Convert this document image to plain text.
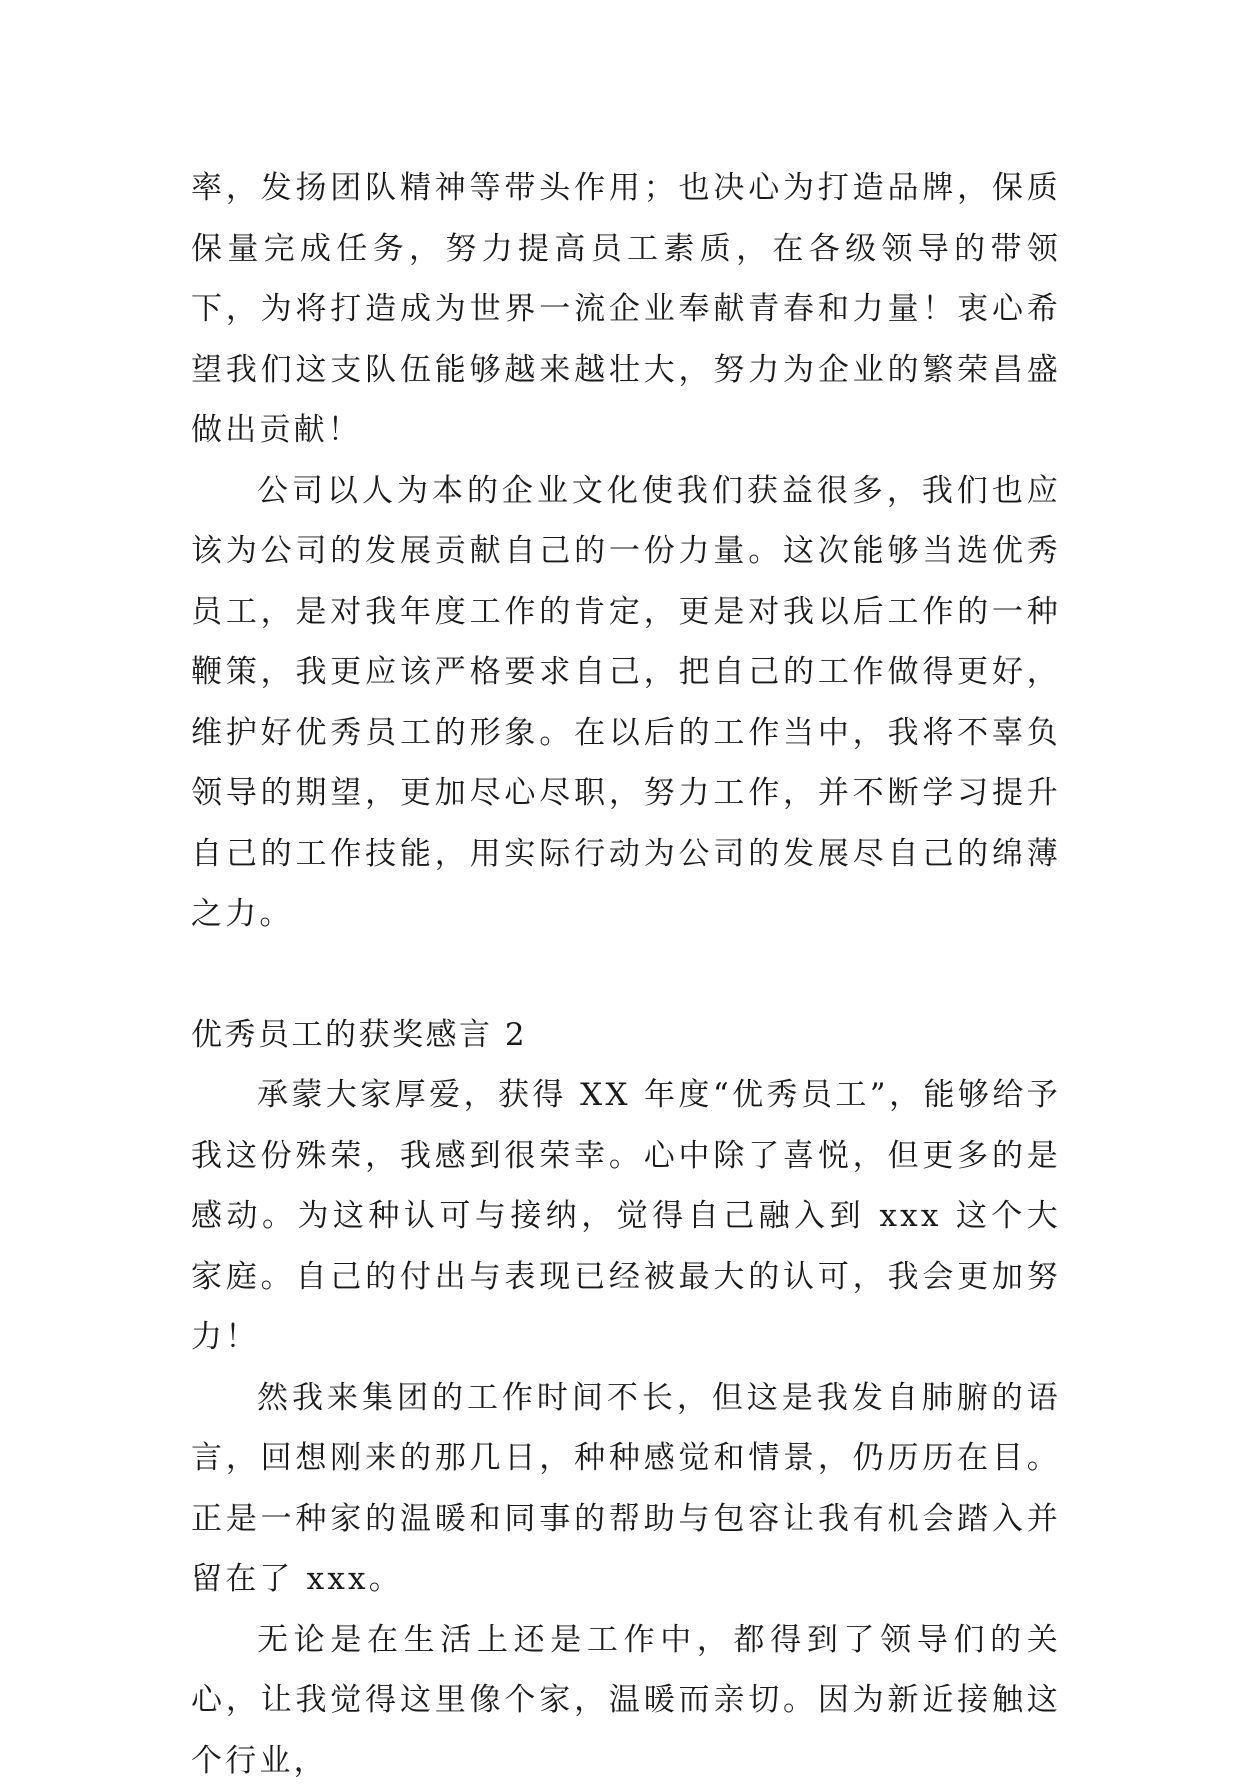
率，发扬团队精神等带头作用；也决心为打造品牌，保质保量完成任务，努力提高员工素质，在各级领导的带领下，为将打造成为世界一流企业奉献青春和力量！衷心希望我们这支队伍能够越来越壮大，努力为企业的繁荣昌盛做出贡献！

公司以人为本的企业文化使我们获益很多，我们也应该为公司的发展贡献自己的一份力量。这次能够当选优秀员工，是对我年度工作的肯定，更是对我以后工作的一种鞭策，我更应该严格要求自己，把自己的工作做得更好，维护好优秀员工的形象。在以后的工作当中，我将不辜负领导的期望，更加尽心尽职，努力工作，并不断学习提升自己的工作技能，用实际行动为公司的发展尽自己的绵薄之力。

优秀员工的获奖感言 2

承蒙大家厚爱，获得 XX 年度“优秀员工”，能够给予我这份殊荣，我感到很荣幸。心中除了喜悦，但更多的是感动。为这种认可与接纳，觉得自己融入到 xxx 这个大家庭。自己的付出与表现已经被最大的认可，我会更加努力！

然我来集团的工作时间不长，但这是我发自肺腑的语言，回想刚来的那几日，种种感觉和情景，仍历历在目。正是一种家的温暖和同事的帮助与包容让我有机会踏入并留在了 xxx。

无论是在生活上还是工作中，都得到了领导们的关心，让我觉得这里像个家，温暖而亲切。因为新近接触这个行业，
